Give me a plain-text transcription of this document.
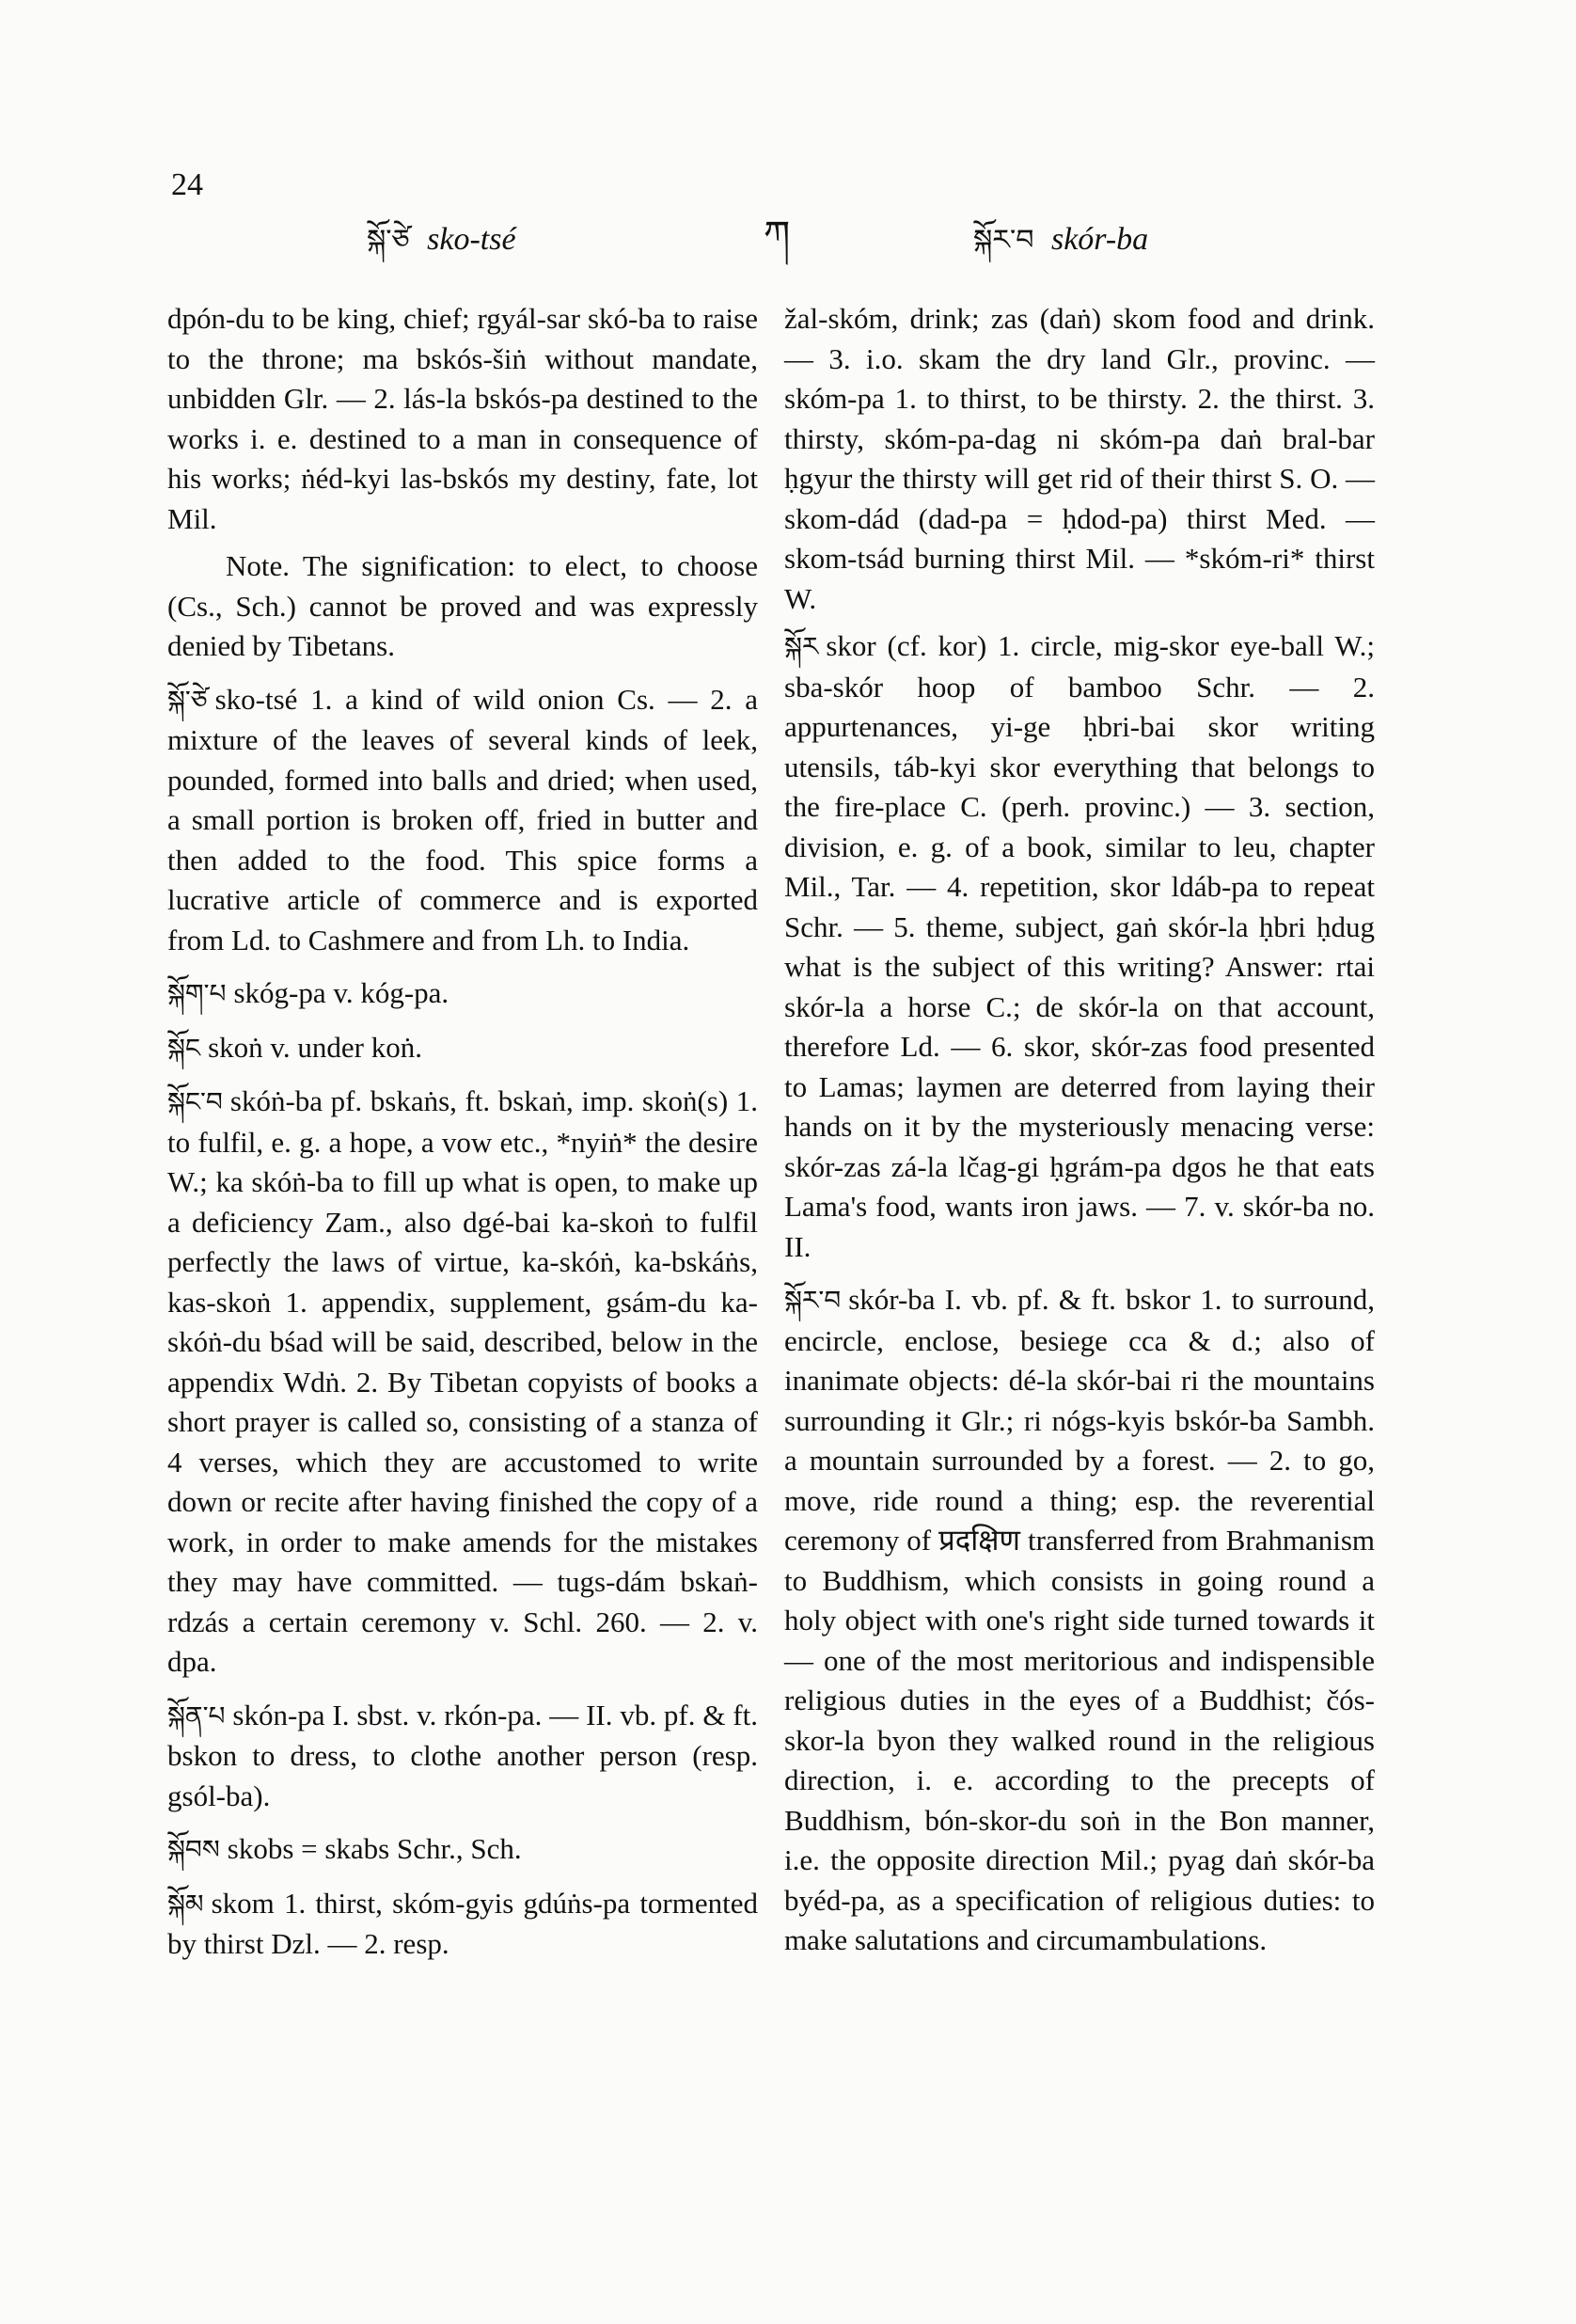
24
སྐོ་ཙེ sko-tsé	ཀ	སྐོར་བ skór-ba

dpón-du to be king, chief; rgyál-sar skó-ba to raise to the throne; ma bskós-šiṅ without mandate, unbidden Glr. — 2. lás-la bskós-pa destined to the works i. e. destined to a man in consequence of his works; ṅéd-kyi las-bskós my destiny, fate, lot Mil.

Note. The signification: to elect, to choose (Cs., Sch.) cannot be proved and was expressly denied by Tibetans.

སྐོ་ཙེ sko-tsé 1. a kind of wild onion Cs. — 2. a mixture of the leaves of several kinds of leek, pounded, formed into balls and dried; when used, a small portion is broken off, fried in butter and then added to the food. This spice forms a lucrative article of commerce and is exported from Ld. to Cashmere and from Lh. to India.

སྐོག་པ skóg-pa v. kóg-pa.

སྐོང skoṅ v. under koṅ.

སྐོང་བ skóṅ-ba pf. bskaṅs, ft. bskaṅ, imp. skoṅ(s) 1. to fulfil, e. g. a hope, a vow etc., *nyiṅ* the desire W.; ka skóṅ-ba to fill up what is open, to make up a deficiency Zam., also dgé-bai ka-skoṅ to fulfil perfectly the laws of virtue, ka-skóṅ, ka-bskáṅs, kas-skoṅ 1. appendix, supplement, gsám-du ka-skóṅ-du bśad will be said, described, below in the appendix Wdṅ. 2. By Tibetan copyists of books a short prayer is called so, consisting of a stanza of 4 verses, which they are accustomed to write down or recite after having finished the copy of a work, in order to make amends for the mistakes they may have committed. — tugs-dám bskaṅ-rdzás a certain ceremony v. Schl. 260. — 2. v. dpa.

སྐོན་པ skón-pa I. sbst. v. rkón-pa. — II. vb. pf. & ft. bskon to dress, to clothe another person (resp. gsól-ba).

སྐོབས skobs = skabs Schr., Sch.

སྐོམ skom 1. thirst, skóm-gyis gdúṅs-pa tormented by thirst Dzl. — 2. resp.

žal-skóm, drink; zas (daṅ) skom food and drink. — 3. i.o. skam the dry land Glr., provinc. — skóm-pa 1. to thirst, to be thirsty. 2. the thirst. 3. thirsty, skóm-pa-dag ni skóm-pa daṅ bral-bar ḥgyur the thirsty will get rid of their thirst S. O. — skom-dád (dad-pa = ḥdod-pa) thirst Med. — skom-tsád burning thirst Mil. — *skóm-ri* thirst W.

སྐོར skor (cf. kor) 1. circle, mig-skor eye-ball W.; sba-skór hoop of bamboo Schr. — 2. appurtenances, yi-ge ḥbri-bai skor writing utensils, táb-kyi skor everything that belongs to the fire-place C. (perh. provinc.) — 3. section, division, e. g. of a book, similar to leu, chapter Mil., Tar. — 4. repetition, skor ldáb-pa to repeat Schr. — 5. theme, subject, gaṅ skór-la ḥbri ḥdug what is the subject of this writing? Answer: rtai skór-la a horse C.; de skór-la on that account, therefore Ld. — 6. skor, skór-zas food presented to Lamas; laymen are deterred from laying their hands on it by the mysteriously menacing verse: skór-zas zá-la lčag-gi ḥgrám-pa dgos he that eats Lama's food, wants iron jaws. — 7. v. skór-ba no. II.

སྐོར་བ skór-ba I. vb. pf. & ft. bskor 1. to surround, encircle, enclose, besiege cca & d.; also of inanimate objects: dé-la skór-bai ri the mountains surrounding it Glr.; ri nógs-kyis bskór-ba Sambh. a mountain surrounded by a forest. — 2. to go, move, ride round a thing; esp. the reverential ceremony of प्रदक्षिण transferred from Brahmanism to Buddhism, which consists in going round a holy object with one's right side turned towards it — one of the most meritorious and indispensible religious duties in the eyes of a Buddhist; čós-skor-la byon they walked round in the religious direction, i. e. according to the precepts of Buddhism, bón-skor-du soṅ in the Bon manner, i.e. the opposite direction Mil.; pyag daṅ skór-ba byéd-pa, as a specification of religious duties: to make salutations and circumambulations.
